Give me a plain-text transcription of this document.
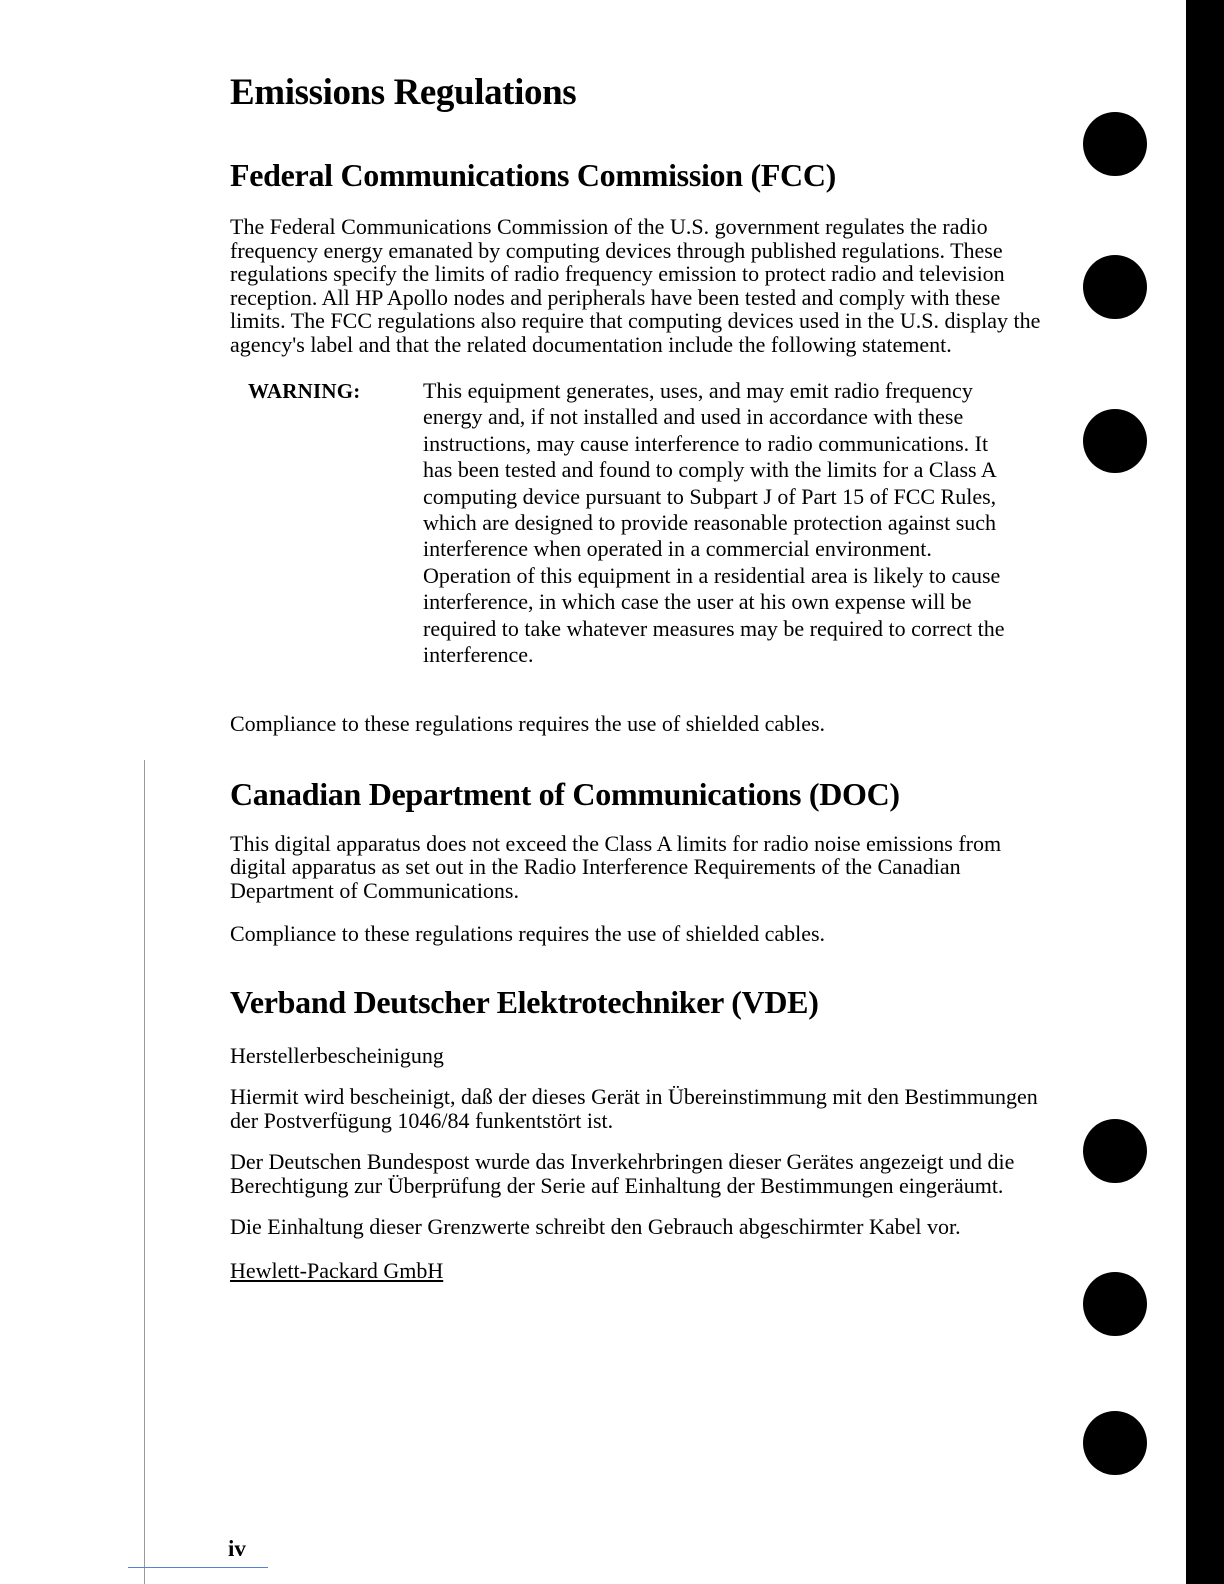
Emissions Regulations
Federal Communications Commission (FCC)

The Federal Communications Commission of the U.S. government regulates the radio frequency energy emanated by computing devices through published regulations. These regulations specify the limits of radio frequency emission to protect radio and television reception. All HP Apollo nodes and peripherals have been tested and comply with these limits. The FCC regulations also require that computing devices used in the U.S. display the agency's label and that the related documentation include the following statement.

WARNING:	This equipment generates, uses, and may emit radio frequency energy and, if not installed and used in accordance with these instructions, may cause interference to radio communications. It has been tested and found to comply with the limits for a Class A computing device pursuant to Subpart J of Part 15 of FCC Rules, which are designed to provide reasonable protection against such interference when operated in a commercial environment. Operation of this equipment in a residential area is likely to cause interference, in which case the user at his own expense will be required to take whatever measures may be required to correct the interference.

Compliance to these regulations requires the use of shielded cables.

Canadian Department of Communications (DOC)

This digital apparatus does not exceed the Class A limits for radio noise emissions from digital apparatus as set out in the Radio Interference Requirements of the Canadian Department of Communications.

Compliance to these regulations requires the use of shielded cables.

Verband Deutscher Elektrotechniker (VDE)

Herstellerbescheinigung

Hiermit wird bescheinigt, daß der dieses Gerät in Übereinstimmung mit den Bestimmungen der Postverfügung 1046/84 funkentstört ist.

Der Deutschen Bundespost wurde das Inverkehrbringen dieser Gerätes angezeigt und die Berechtigung zur Überprüfung der Serie auf Einhaltung der Bestimmungen eingeräumt.

Die Einhaltung dieser Grenzwerte schreibt den Gebrauch abgeschirmter Kabel vor.

Hewlett-Packard GmbH

iv
